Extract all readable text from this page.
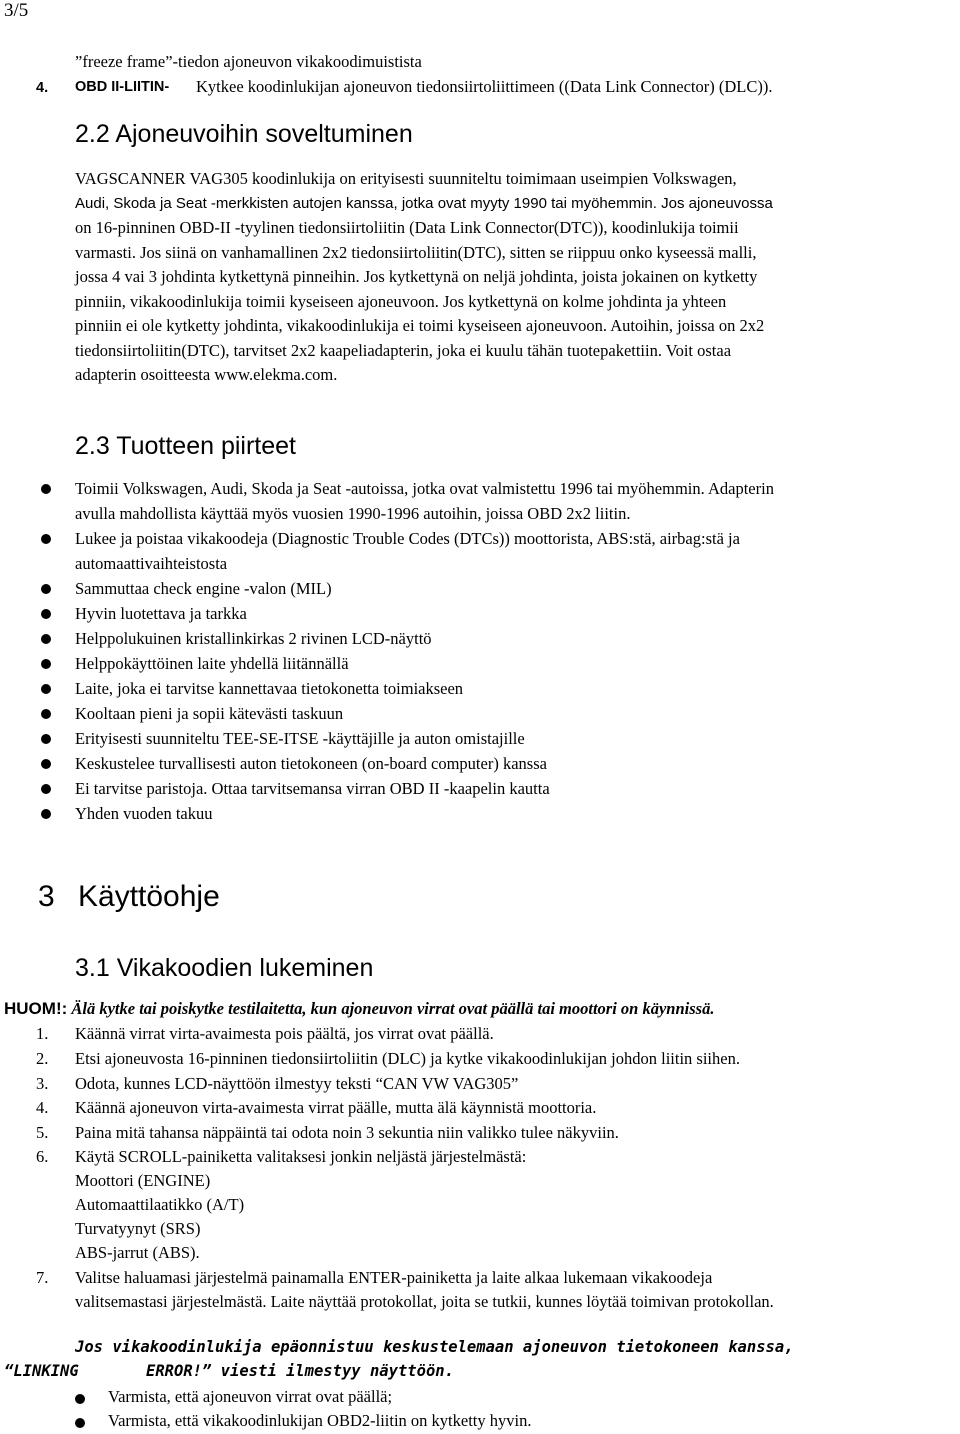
3/5
”freeze frame”-tiedon ajoneuvon vikakoodimuistista
4. OBD II-LIITIN- Kytkee koodinlukijan ajoneuvon tiedonsiirtoliittimeen ((Data Link Connector) (DLC)).
2.2 Ajoneuvoihin soveltuminen
VAGSCANNER VAG305 koodinlukija on erityisesti suunniteltu toimimaan useimpien Volkswagen,
Audi, Skoda ja Seat -merkkisten autojen kanssa, jotka ovat myyty 1990 tai myöhemmin. Jos ajoneuvossa
on 16-pinninen OBD-II -tyylinen tiedonsiirtoliitin (Data Link Connector(DTC)), koodinlukija toimii
varmasti. Jos siinä on vanhamallinen 2x2 tiedonsiirtoliitin(DTC), sitten se riippuu onko kyseessä malli,
jossa 4 vai 3 johdinta kytkettynä pinneihin. Jos kytkettynä on neljä johdinta, joista jokainen on kytketty
pinniin, vikakoodinlukija toimii kyseiseen ajoneuvoon. Jos kytkettynä on kolme johdinta ja yhteen
pinniin ei ole kytketty johdinta, vikakoodinlukija ei toimi kyseiseen ajoneuvoon. Autoihin, joissa on 2x2
tiedonsiirtoliitin(DTC), tarvitset 2x2 kaapeliadapterin, joka ei kuulu tähän tuotepakettiin. Voit ostaa
adapterin osoitteesta www.elekma.com.
2.3 Tuotteen piirteet
Toimii Volkswagen, Audi, Skoda ja Seat -autoissa, jotka ovat valmistettu 1996 tai myöhemmin. Adapterin
avulla mahdollista käyttää myös vuosien 1990-1996 autoihin, joissa OBD 2x2 liitin.
Lukee ja poistaa vikakoodeja (Diagnostic Trouble Codes (DTCs)) moottorista, ABS:stä, airbag:stä ja
automaattivaihteistosta
Sammuttaa check engine -valon (MIL)
Hyvin luotettava ja tarkka
Helppolukuinen kristallinkirkas 2 rivinen LCD-näyttö
Helppokäyttöinen laite yhdellä liitännällä
Laite, joka ei tarvitse kannettavaa tietokonetta toimiakseen
Kooltaan pieni ja sopii kätevästi taskuun
Erityisesti suunniteltu TEE-SE-ITSE -käyttäjille ja auton omistajille
Keskustelee turvallisesti auton tietokoneen (on-board computer) kanssa
Ei tarvitse paristoja. Ottaa tarvitsemansa virran OBD II -kaapelin kautta
Yhden vuoden takuu
3 Käyttöohje
3.1 Vikakoodien lukeminen
HUOM!: Älä kytke tai poiskytke testilaitetta, kun ajoneuvon virrat ovat päällä tai moottori on käynnissä.
1. Käännä virrat virta-avaimesta pois päältä, jos virrat ovat päällä.
2. Etsi ajoneuvosta 16-pinninen tiedonsiirtoliitin (DLC) ja kytke vikakoodinlukijan johdon liitin siihen.
3. Odota, kunnes LCD-näyttöön ilmestyy teksti “CAN VW VAG305”
4. Käännä ajoneuvon virta-avaimesta virrat päälle, mutta älä käynnistä moottoria.
5. Paina mitä tahansa näppäintä tai odota noin 3 sekuntia niin valikko tulee näkyviin.
6. Käytä SCROLL-painiketta valitaksesi jonkin neljästä järjestelmästä:
Moottori (ENGINE)
Automaattilaatikko (A/T)
Turvatyynyt (SRS)
ABS-jarrut (ABS).
7. Valitse haluamasi järjestelmä painamalla ENTER-painiketta ja laite alkaa lukemaan vikakoodeja
valitsemastasi järjestelmästä. Laite näyttää protokollat, joita se tutkii, kunnes löytää toimivan protokollan.
Jos vikakoodinlukija epäonnistuu keskustelemaan ajoneuvon tietokoneen kanssa,
“LINKING	ERROR!” viesti ilmestyy näyttöön.
Varmista, että ajoneuvon virrat ovat päällä;
Varmista, että vikakoodinlukijan OBD2-liitin on kytketty hyvin.
